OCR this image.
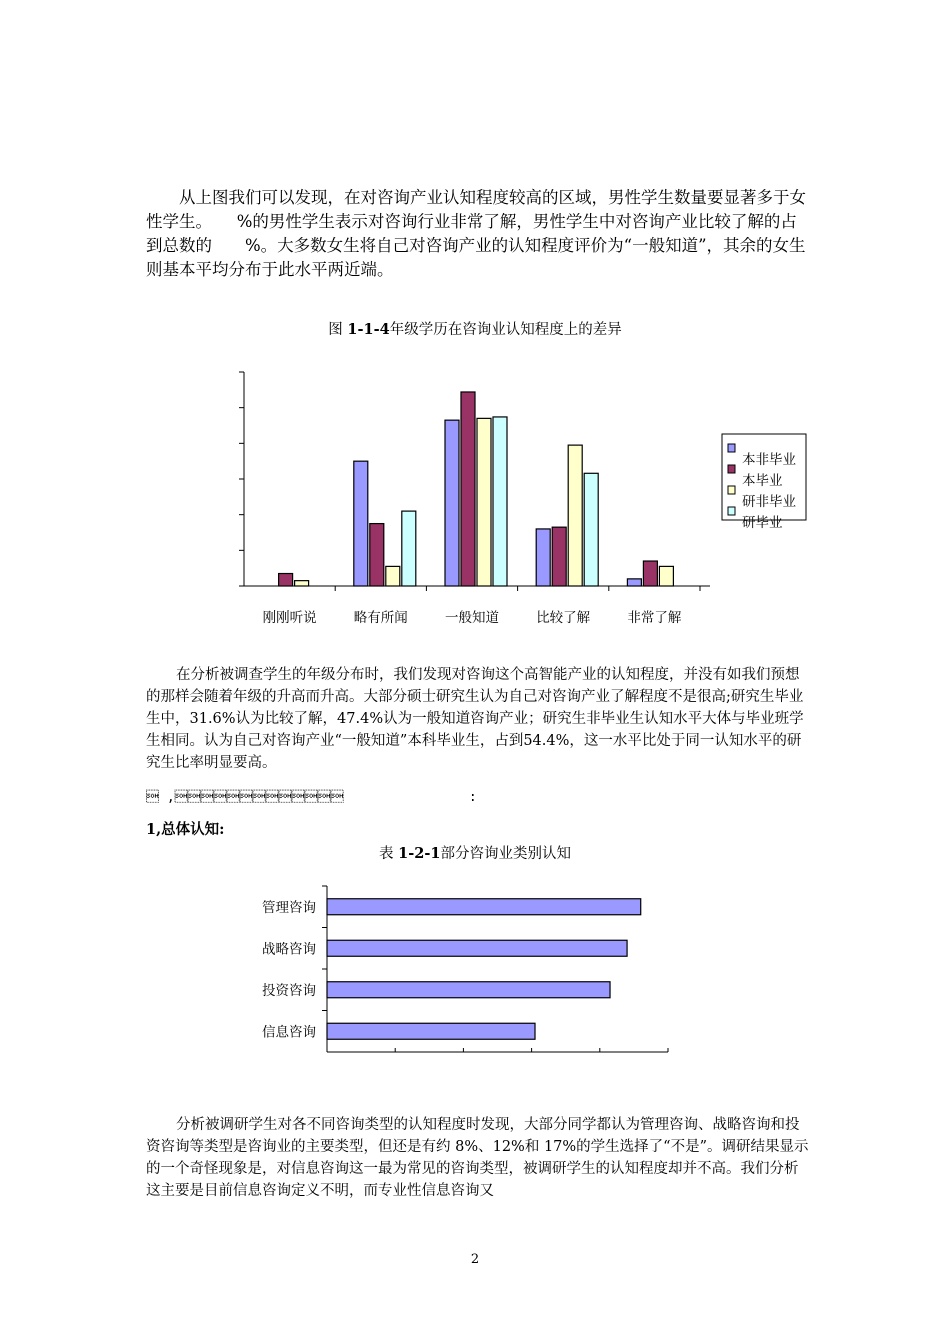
从上图我们可以发现，在对咨询产业认知程度较高的区域，男性学生数量要显著多于女性学生。　　%的男性学生表示对咨询行业非常了解，男性学生中对咨询产业比较了解的占到总数的　　%。大多数女生将自己对咨询产业的认知程度评价为“一般知道”，其余的女生则基本平均分布于此水平两近端。

图 1-1-4年级学历在咨询业认知程度上的差异
刚刚听说	略有所闻	一般知道	比较了解	非常了解
本非毕业
本毕业
研非毕业
研毕业

在分析被调查学生的年级分布时，我们发现对咨询这个高智能产业的认知程度，并没有如我们预想的那样会随着年级的升高而升高。大部分硕士研究生认为自己对咨询产业了解程度不是很高;研究生毕业生中，31.6%认为比较了解，47.4%认为一般知道咨询产业；研究生非毕业生认知水平大体与毕业班学生相同。认为自己对咨询产业“一般知道”本科毕业生，占到54.4%，这一水平比处于同一认知水平的研究生比率明显要高。

 ,                :
1,总体认知:
表 1-2-1部分咨询业类别认知
管理咨询
战略咨询
投资咨询
信息咨询

分析被调研学生对各不同咨询类型的认知程度时发现，大部分同学都认为管理咨询、战略咨询和投资咨询等类型是咨询业的主要类型，但还是有约 8%、12%和 17%的学生选择了“不是”。调研结果显示的一个奇怪现象是，对信息咨询这一最为常见的咨询类型，被调研学生的认知程度却并不高。我们分析这主要是目前信息咨询定义不明，而专业性信息咨询又

2
